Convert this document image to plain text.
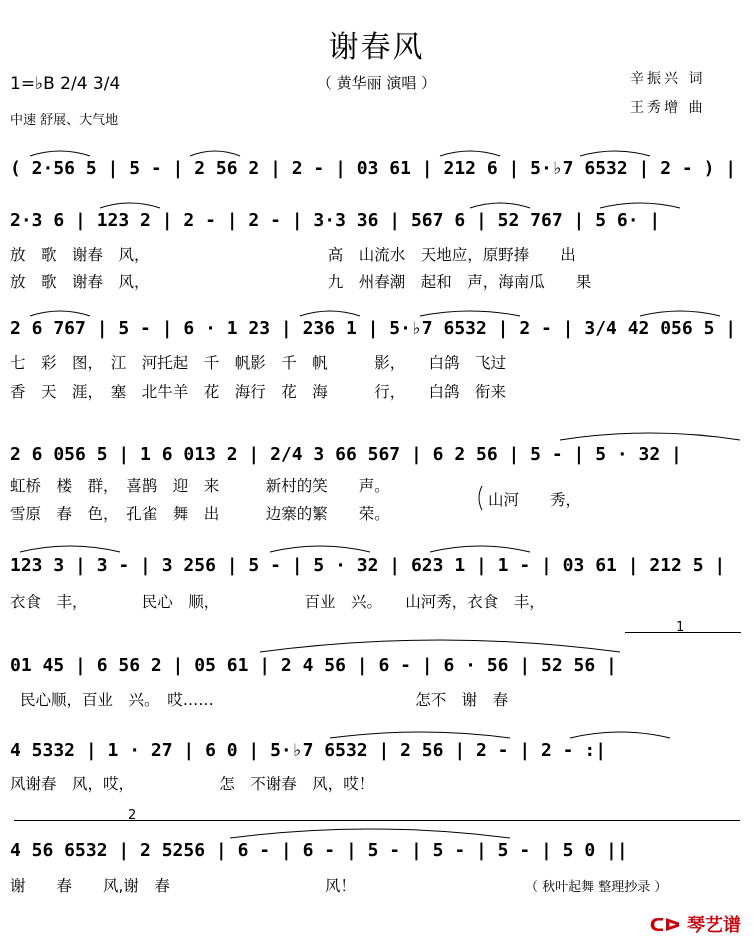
谢春风
（ 黄华丽 演唱 ）
1=♭B 2/4 3/4
中速 舒展、大气地
辛振兴 词
王秀增 曲
( 2·56 5 | 5 - | 2 56 2 | 2 - | 03 61 | 212 6 | 5·♭7 6532 | 2 - ) |
2·3 6 | 123 2 | 2 - | 2 - | 3·3 36 | 567 6 | 52 767 | 5 6· |
放　歌　谢春　风，　　　　　　　　　　　　高　山流水　天地应，原野捧　　出
放　歌　谢春　风，　　　　　　　　　　　　九　州春潮　起和　声，海南瓜　　果
2 6 767 | 5 - | 6 · 1 23 | 236 1 | 5·♭7 6532 | 2 - | 3/4 42 056 5 |
七　彩　图，　江　河托起　千　帆影　千　帆　　　影，　　白鸽　飞过
香　天　涯，　塞　北牛羊　花　海行　花　海　　　行，　　白鸽　衔来
2 6 056 5 | 1 6 013 2 | 2/4 3 66 567 | 6 2 56 | 5 - | 5 · 32 |
虹桥　楼　群，　喜鹊　迎　来　　　新村的笑　　声。
雪原　春　色，　孔雀　舞　出　　　边寨的繁　　荣。
山河　　秀，
123 3 | 3 - | 3 256 | 5 - | 5 · 32 | 623 1 | 1 - | 03 61 | 212 5 |
衣食　丰，　　　　民心　顺，　　　　　　百业　兴。　　山河秀，衣食　丰，
01 45 | 6 56 2 | 05 61 | 2 4 56 | 6 - | 6 · 56 | 52 56 |
民心顺，百业　兴。　哎……　　　　　　　　　　　　　怎不　谢　春
4 5332 | 1 · 27 | 6 0 | 5·♭7 6532 | 2 56 | 2 - | 2 - :|
风谢春　风，哎，　　　　　　怎　不谢春　风，哎！
4 56 6532 | 2 5256 | 6 - | 6 - | 5 - | 5 - | 5 - | 5 0 ||
谢　　春　　风,谢　春　　　　　　　　　　风！	（ 秋叶起舞 整理抄录 ）
1
2
ᑕᐅ 琴艺谱
